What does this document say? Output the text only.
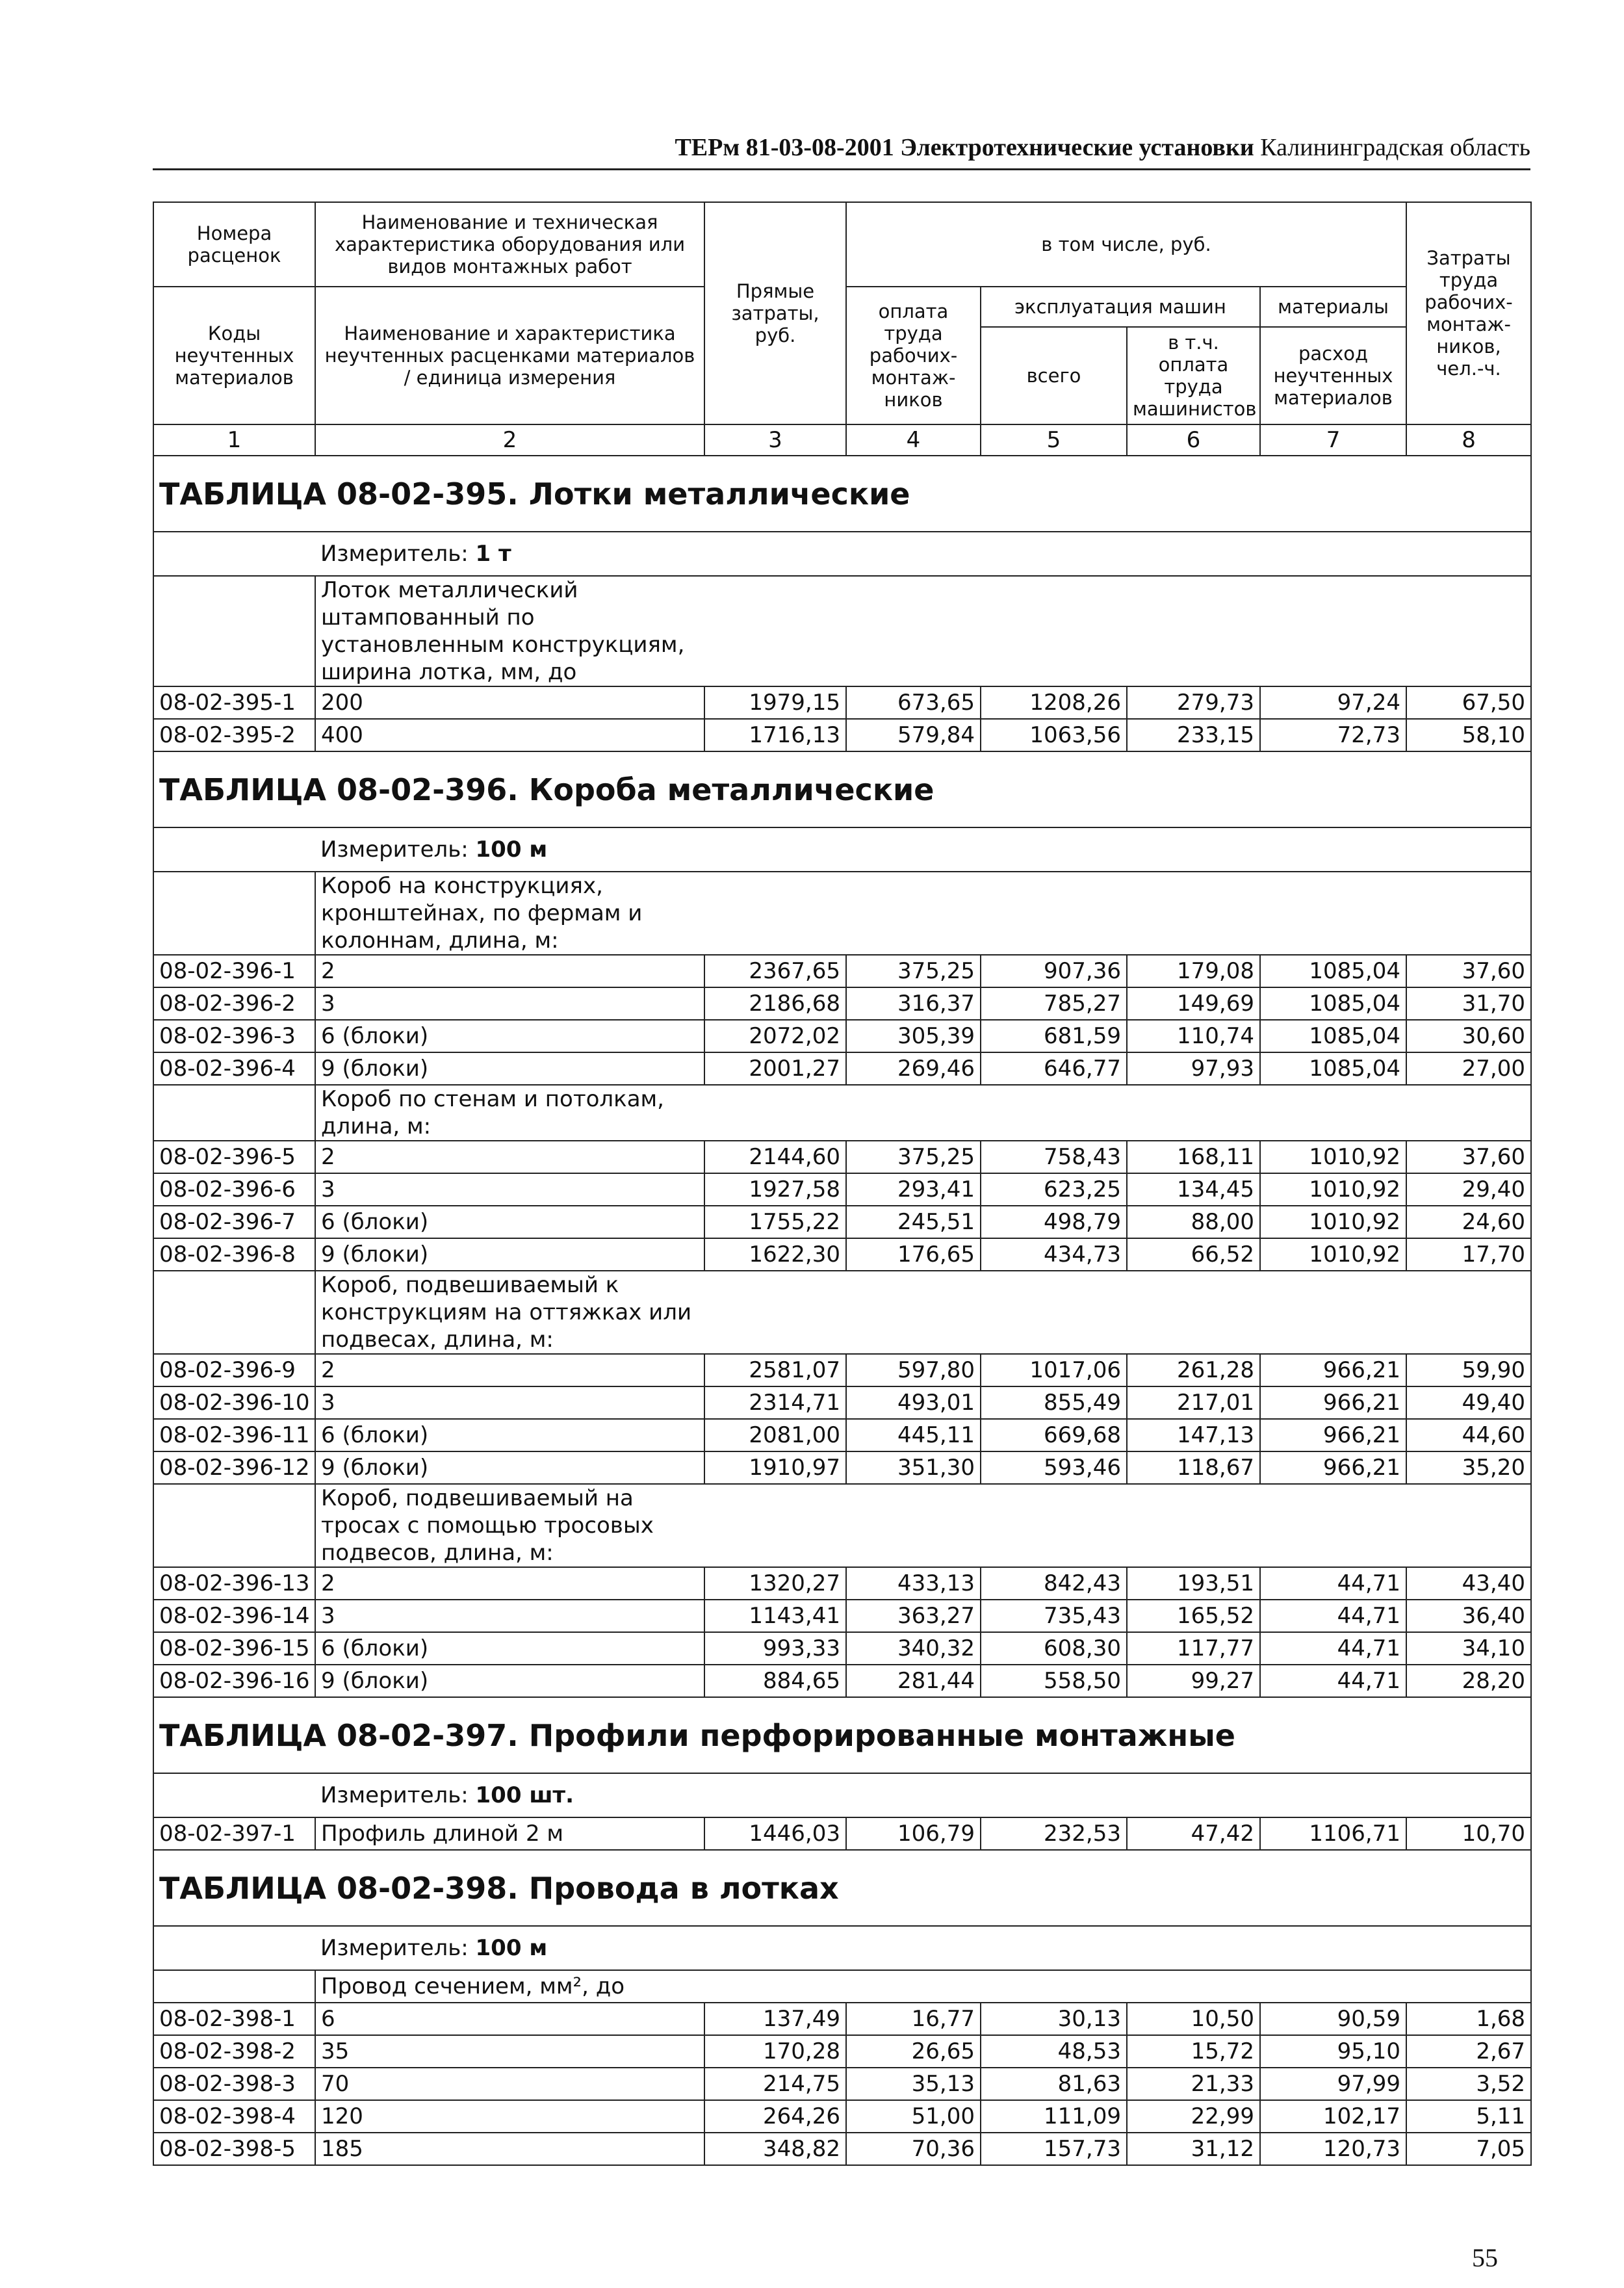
ТЕРм 81-03-08-2001 Электротехнические установки Калининградская область
Номера расценок	Наименование и техническая характеристика оборудования или видов монтажных работ	Прямые затраты, руб.	в том числе, руб.				Затраты труда рабочих-монтаж-ников, чел.-ч.
Коды неучтенных материалов	Наименование и характеристика неучтенных расценками материалов / единица измерения		оплата труда рабочих-монтаж-ников	эксплуатация машин		материалы	
				всего	в т.ч. оплата труда машинистов	расход неучтенных материалов	
1	2	3	4	5	6	7	8
ТАБЛИЦА 08-02-395. Лотки металлические							
	Измеритель: 1 т						
	Лоток металлический штампованный по установленным конструкциям, ширина лотка, мм, до						
08-02-395-1	200	1979,15	673,65	1208,26	279,73	97,24	67,50
08-02-395-2	400	1716,13	579,84	1063,56	233,15	72,73	58,10
ТАБЛИЦА 08-02-396. Короба металлические							
	Измеритель: 100 м						
	Короб на конструкциях, кронштейнах, по фермам и колоннам, длина, м:						
08-02-396-1	2	2367,65	375,25	907,36	179,08	1085,04	37,60
08-02-396-2	3	2186,68	316,37	785,27	149,69	1085,04	31,70
08-02-396-3	6 (блоки)	2072,02	305,39	681,59	110,74	1085,04	30,60
08-02-396-4	9 (блоки)	2001,27	269,46	646,77	97,93	1085,04	27,00
	Короб по стенам и потолкам, длина, м:						
08-02-396-5	2	2144,60	375,25	758,43	168,11	1010,92	37,60
08-02-396-6	3	1927,58	293,41	623,25	134,45	1010,92	29,40
08-02-396-7	6 (блоки)	1755,22	245,51	498,79	88,00	1010,92	24,60
08-02-396-8	9 (блоки)	1622,30	176,65	434,73	66,52	1010,92	17,70
	Короб, подвешиваемый к конструкциям на оттяжках или подвесах, длина, м:						
08-02-396-9	2	2581,07	597,80	1017,06	261,28	966,21	59,90
08-02-396-10	3	2314,71	493,01	855,49	217,01	966,21	49,40
08-02-396-11	6 (блоки)	2081,00	445,11	669,68	147,13	966,21	44,60
08-02-396-12	9 (блоки)	1910,97	351,30	593,46	118,67	966,21	35,20
	Короб, подвешиваемый на тросах с помощью тросовых подвесов, длина, м:						
08-02-396-13	2	1320,27	433,13	842,43	193,51	44,71	43,40
08-02-396-14	3	1143,41	363,27	735,43	165,52	44,71	36,40
08-02-396-15	6 (блоки)	993,33	340,32	608,30	117,77	44,71	34,10
08-02-396-16	9 (блоки)	884,65	281,44	558,50	99,27	44,71	28,20
ТАБЛИЦА 08-02-397. Профили перфорированные монтажные							
	Измеритель: 100 шт.						
08-02-397-1	Профиль длиной 2 м	1446,03	106,79	232,53	47,42	1106,71	10,70
ТАБЛИЦА 08-02-398. Провода в лотках							
	Измеритель: 100 м						
	Провод сечением, мм², до						
08-02-398-1	6	137,49	16,77	30,13	10,50	90,59	1,68
08-02-398-2	35	170,28	26,65	48,53	15,72	95,10	2,67
08-02-398-3	70	214,75	35,13	81,63	21,33	97,99	3,52
08-02-398-4	120	264,26	51,00	111,09	22,99	102,17	5,11
08-02-398-5	185	348,82	70,36	157,73	31,12	120,73	7,05
55
